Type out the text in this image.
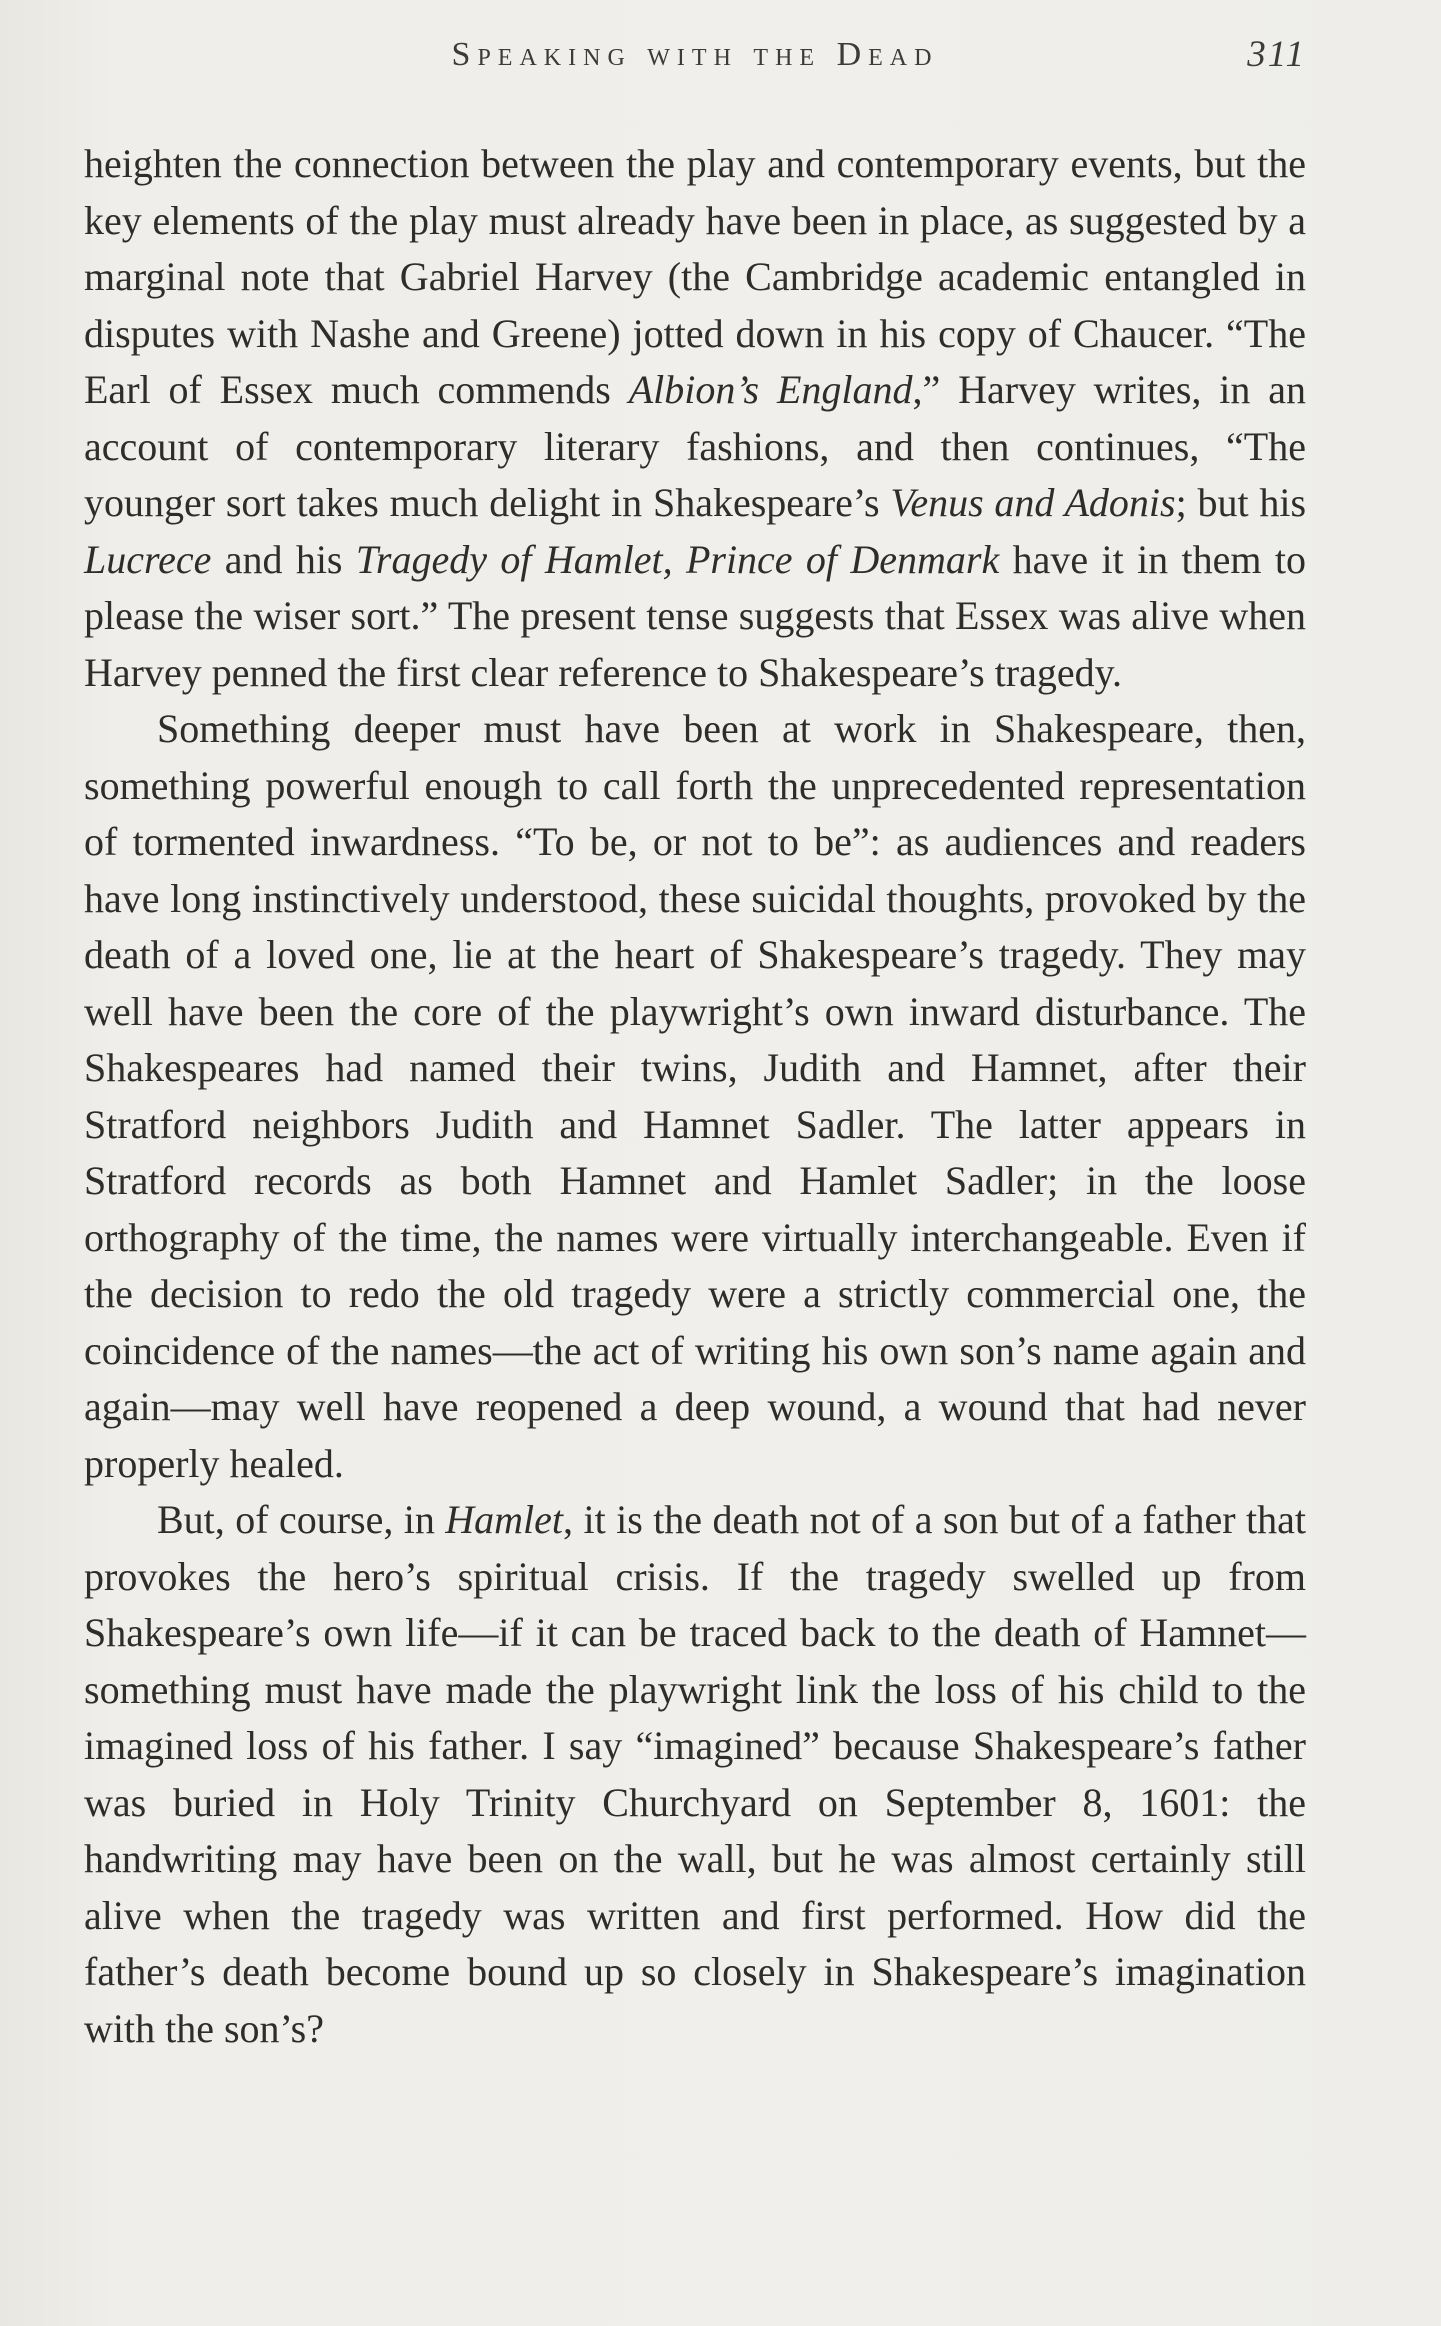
Speaking with the Dead	311

heighten the connection between the play and contemporary events, but the key elements of the play must already have been in place, as suggested by a marginal note that Gabriel Harvey (the Cambridge academic entangled in disputes with Nashe and Greene) jotted down in his copy of Chaucer. “The Earl of Essex much commends Albion’s England,” Harvey writes, in an account of contemporary literary fashions, and then continues, “The younger sort takes much delight in Shakespeare’s Venus and Adonis; but his Lucrece and his Tragedy of Hamlet, Prince of Denmark have it in them to please the wiser sort.” The present tense suggests that Essex was alive when Harvey penned the first clear reference to Shakespeare’s tragedy.

Something deeper must have been at work in Shakespeare, then, something powerful enough to call forth the unprecedented representation of tormented inwardness. “To be, or not to be”: as audiences and readers have long instinctively understood, these suicidal thoughts, provoked by the death of a loved one, lie at the heart of Shakespeare’s tragedy. They may well have been the core of the playwright’s own inward disturbance. The Shakespeares had named their twins, Judith and Hamnet, after their Stratford neighbors Judith and Hamnet Sadler. The latter appears in Stratford records as both Hamnet and Hamlet Sadler; in the loose orthography of the time, the names were virtually interchangeable. Even if the decision to redo the old tragedy were a strictly commercial one, the coincidence of the names—the act of writing his own son’s name again and again—may well have reopened a deep wound, a wound that had never properly healed.

But, of course, in Hamlet, it is the death not of a son but of a father that provokes the hero’s spiritual crisis. If the tragedy swelled up from Shakespeare’s own life—if it can be traced back to the death of Hamnet—something must have made the playwright link the loss of his child to the imagined loss of his father. I say “imagined” because Shakespeare’s father was buried in Holy Trinity Churchyard on September 8, 1601: the handwriting may have been on the wall, but he was almost certainly still alive when the tragedy was written and first performed. How did the father’s death become bound up so closely in Shakespeare’s imagination with the son’s?
